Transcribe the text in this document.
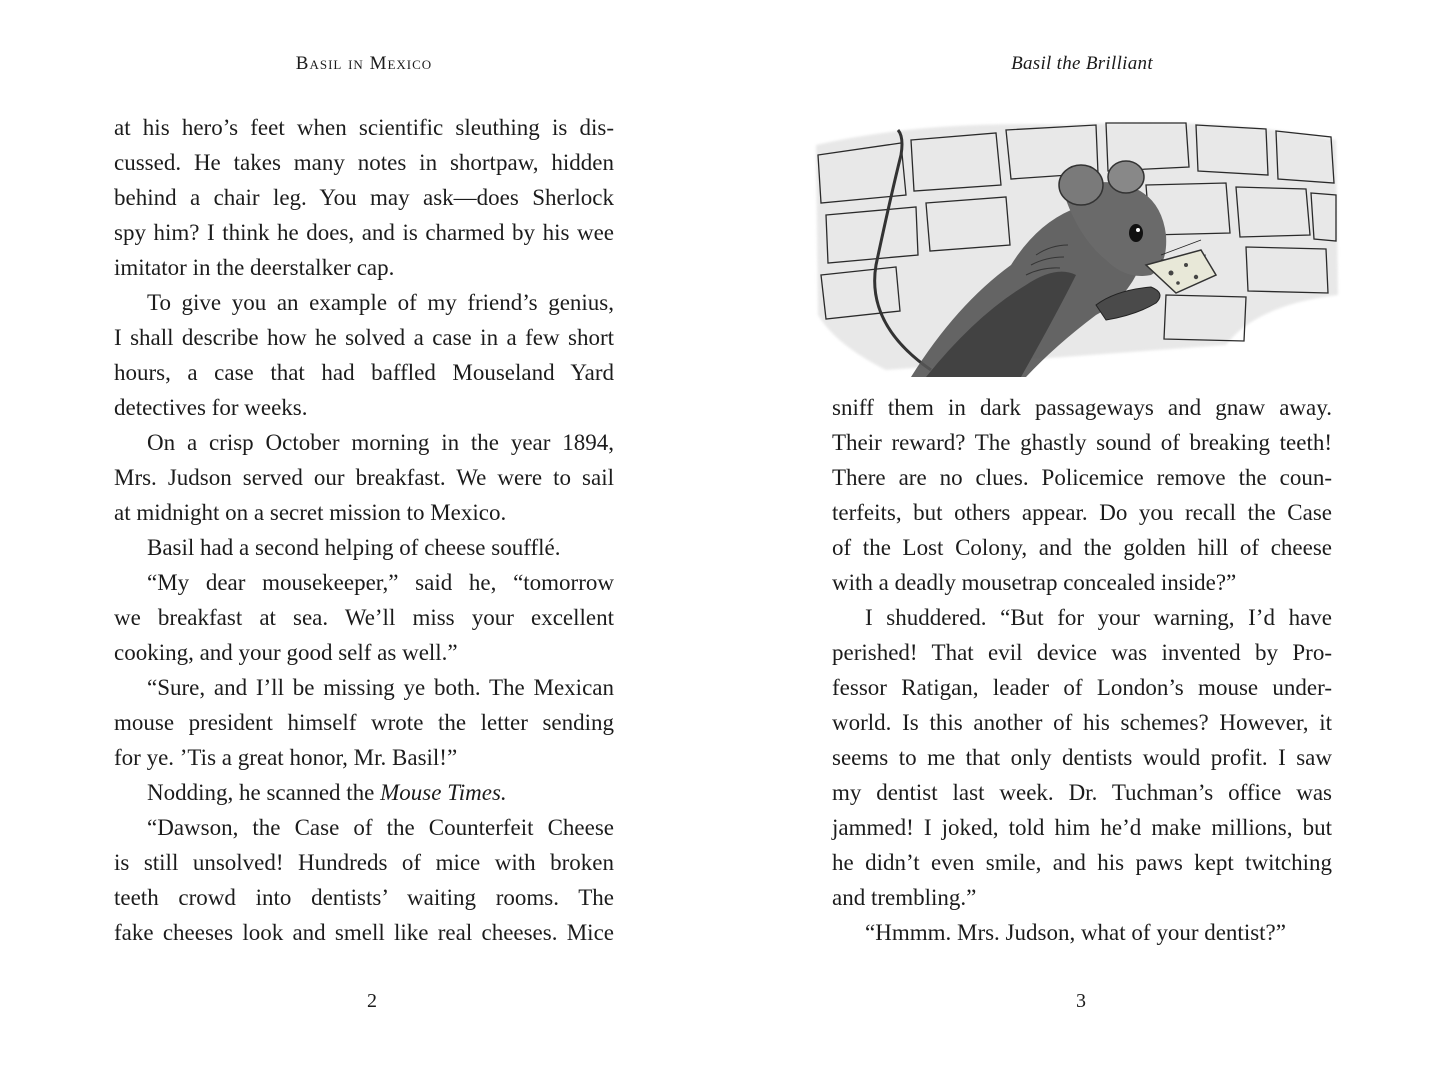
Basil in Mexico
at his hero’s feet when scientific sleuthing is dis-
cussed. He takes many notes in shortpaw, hidden
behind a chair leg. You may ask—does Sherlock
spy him? I think he does, and is charmed by his wee
imitator in the deerstalker cap.
To give you an example of my friend’s genius,
I shall describe how he solved a case in a few short
hours, a case that had baffled Mouseland Yard
detectives for weeks.
On a crisp October morning in the year 1894,
Mrs. Judson served our breakfast. We were to sail
at midnight on a secret mission to Mexico.
Basil had a second helping of cheese soufflé.
“My dear mousekeeper,” said he, “tomorrow
we breakfast at sea. We’ll miss your excellent
cooking, and your good self as well.”
“Sure, and I’ll be missing ye both. The Mexican
mouse president himself wrote the letter sending
for ye. ’Tis a great honor, Mr. Basil!”
Nodding, he scanned the Mouse Times.
“Dawson, the Case of the Counterfeit Cheese
is still unsolved! Hundreds of mice with broken
teeth crowd into dentists’ waiting rooms. The
fake cheeses look and smell like real cheeses. Mice
2
Basil the Brilliant
sniff them in dark passageways and gnaw away.
Their reward? The ghastly sound of breaking teeth!
There are no clues. Policemice remove the coun-
terfeits, but others appear. Do you recall the Case
of the Lost Colony, and the golden hill of cheese
with a deadly mousetrap concealed inside?”
I shuddered. “But for your warning, I’d have
perished! That evil device was invented by Pro-
fessor Ratigan, leader of London’s mouse under-
world. Is this another of his schemes? However, it
seems to me that only dentists would profit. I saw
my dentist last week. Dr. Tuchman’s office was
jammed! I joked, told him he’d make millions, but
he didn’t even smile, and his paws kept twitching
and trembling.”
“Hmmm. Mrs. Judson, what of your dentist?”
3
